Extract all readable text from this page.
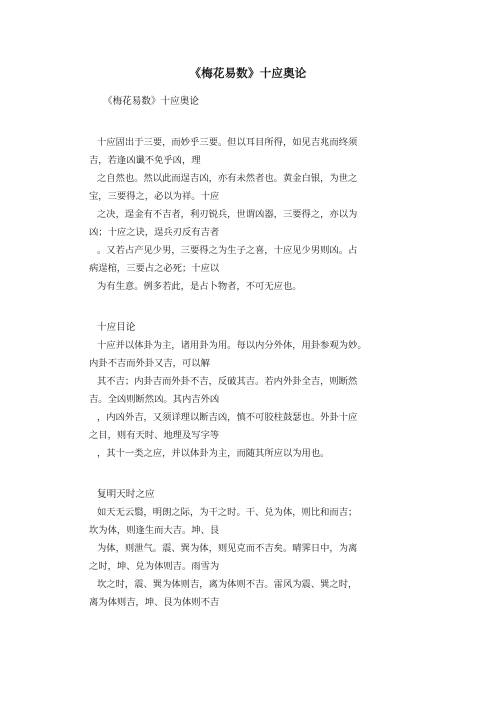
《梅花易数》十应奥论
《梅花易数》十应奥论
十应固出于三要，而妙乎三要。但以耳目所得，如见吉兆而终须
吉，若逢凶谶不免乎凶，理
之自然也。然以此而逞吉凶，亦有未然者也。黄金白银，为世之
宝，三要得之，必以为祥。十应
之决，逞金有不吉者，利刃锐兵，世谓凶器，三要得之，亦以为
凶；十应之诀，逞兵刃反有吉者
。又若占产见少男，三要得之为生子之喜，十应见少男则凶。占
病逞棺，三要占之必死；十应以
为有生意。例多若此，是占卜物者，不可无应也。
十应目论
十应并以体卦为主，诸用卦为用。每以内分外体，用卦参观为妙。
内卦不吉而外卦又吉，可以解
其不吉；内卦吉而外卦不吉，反破其吉。若内外卦全吉，则断然
吉。全凶则断然凶。其内吉外凶
，内凶外吉，又须详理以断吉凶，慎不可胶柱鼓瑟也。外卦十应
之目，则有天时、地理及写字等
，其十一类之应，并以体卦为主，而随其所应以为用也。
复明天时之应
如天无云翳，明朗之际，为干之时。干、兑为体，则比和而吉；
坎为体，则逢生而大吉。坤、艮
为体，则泄气。震、巽为体，则见克而不吉矣。晴霁日中，为离
之时，坤、兑为体则吉。雨雪为
坎之时，震、巽为体则吉，离为体则不吉。雷风为震、巽之时，
离为体则吉，坤、艮为体则不吉
